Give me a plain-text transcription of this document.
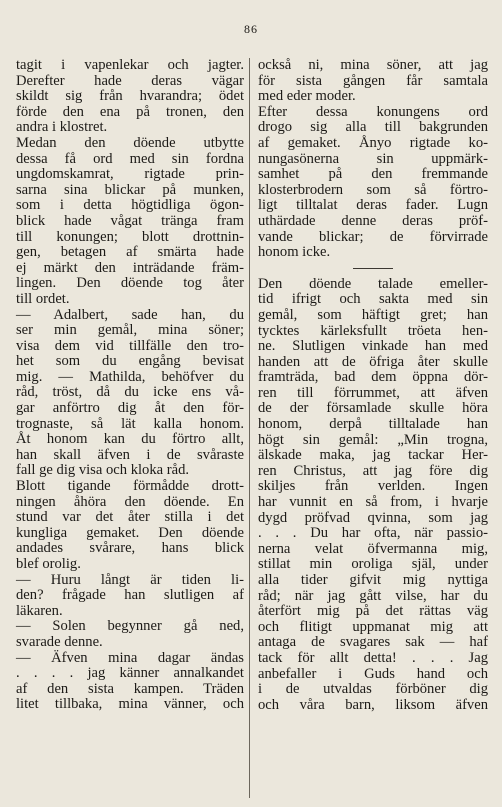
86

tagit i vapenlekar och jagter.

Derefter hade deras vägar

skildt sig från hvarandra; ödet

förde den ena på tronen, den

andra i klostret.

Medan den döende utbytte

dessa få ord med sin fordna

ungdomskamrat, rigtade prin-

sarna sina blickar på munken,

som i detta högtidliga ögon-

blick hade vågat tränga fram

till konungen; blott drottnin-

gen, betagen af smärta hade

ej märkt den inträdande främ-

lingen. Den döende tog åter

till ordet.

— Adalbert, sade han, du

ser min gemål, mina söner;

visa dem vid tillfälle den tro-

het som du engång bevisat

mig. — Mathilda, behöfver du

råd, tröst, då du icke ens vå-

gar anförtro dig åt den för-

trognaste, så lät kalla honom.

Åt honom kan du förtro allt,

han skall äfven i de svåraste

fall ge dig visa och kloka råd.

Blott tigande förmådde drott-

ningen åhöra den döende. En

stund var det åter stilla i det

kungliga gemaket. Den döende

andades svårare, hans blick

blef orolig.

— Huru långt är tiden li-

den? frågade han slutligen af

läkaren.

— Solen begynner gå ned,

svarade denne.

— Äfven mina dagar ändas

. . . . jag känner annalkandet

af den sista kampen. Träden

litet tillbaka, mina vänner, och

också ni, mina söner, att jag

för sista gången får samtala

med eder moder.

Efter dessa konungens ord

drogo sig alla till bakgrunden

af gemaket. Ånyo rigtade ko-

nungasönerna sin uppmärk-

samhet på den fremmande

klosterbrodern som så förtro-

ligt tilltalat deras fader. Lugn

uthärdade denne deras pröf-

vande blickar; de förvirrade

honom icke.

Den döende talade emeller-

tid ifrigt och sakta med sin

gemål, som häftigt gret; han

tycktes kärleksfullt tröeta hen-

ne. Slutligen vinkade han med

handen att de öfriga åter skulle

framträda, bad dem öppna dör-

ren till förrummet, att äfven

de der församlade skulle höra

honom, derpå tilltalade han

högt sin gemål: „Min trogna,

älskade maka, jag tackar Her-

ren Christus, att jag före dig

skiljes från verlden. Ingen

har vunnit en så from, i hvarje

dygd pröfvad qvinna, som jag

. . . Du har ofta, när passio-

nerna velat öfvermanna mig,

stillat min oroliga själ, under

alla tider gifvit mig nyttiga

råd; när jag gått vilse, har du

återfört mig på det rättas väg

och flitigt uppmanat mig att

antaga de svagares sak — haf

tack för allt detta! . . . Jag

anbefaller i Guds hand och

i de utvaldas förböner dig

och våra barn, liksom äfven
